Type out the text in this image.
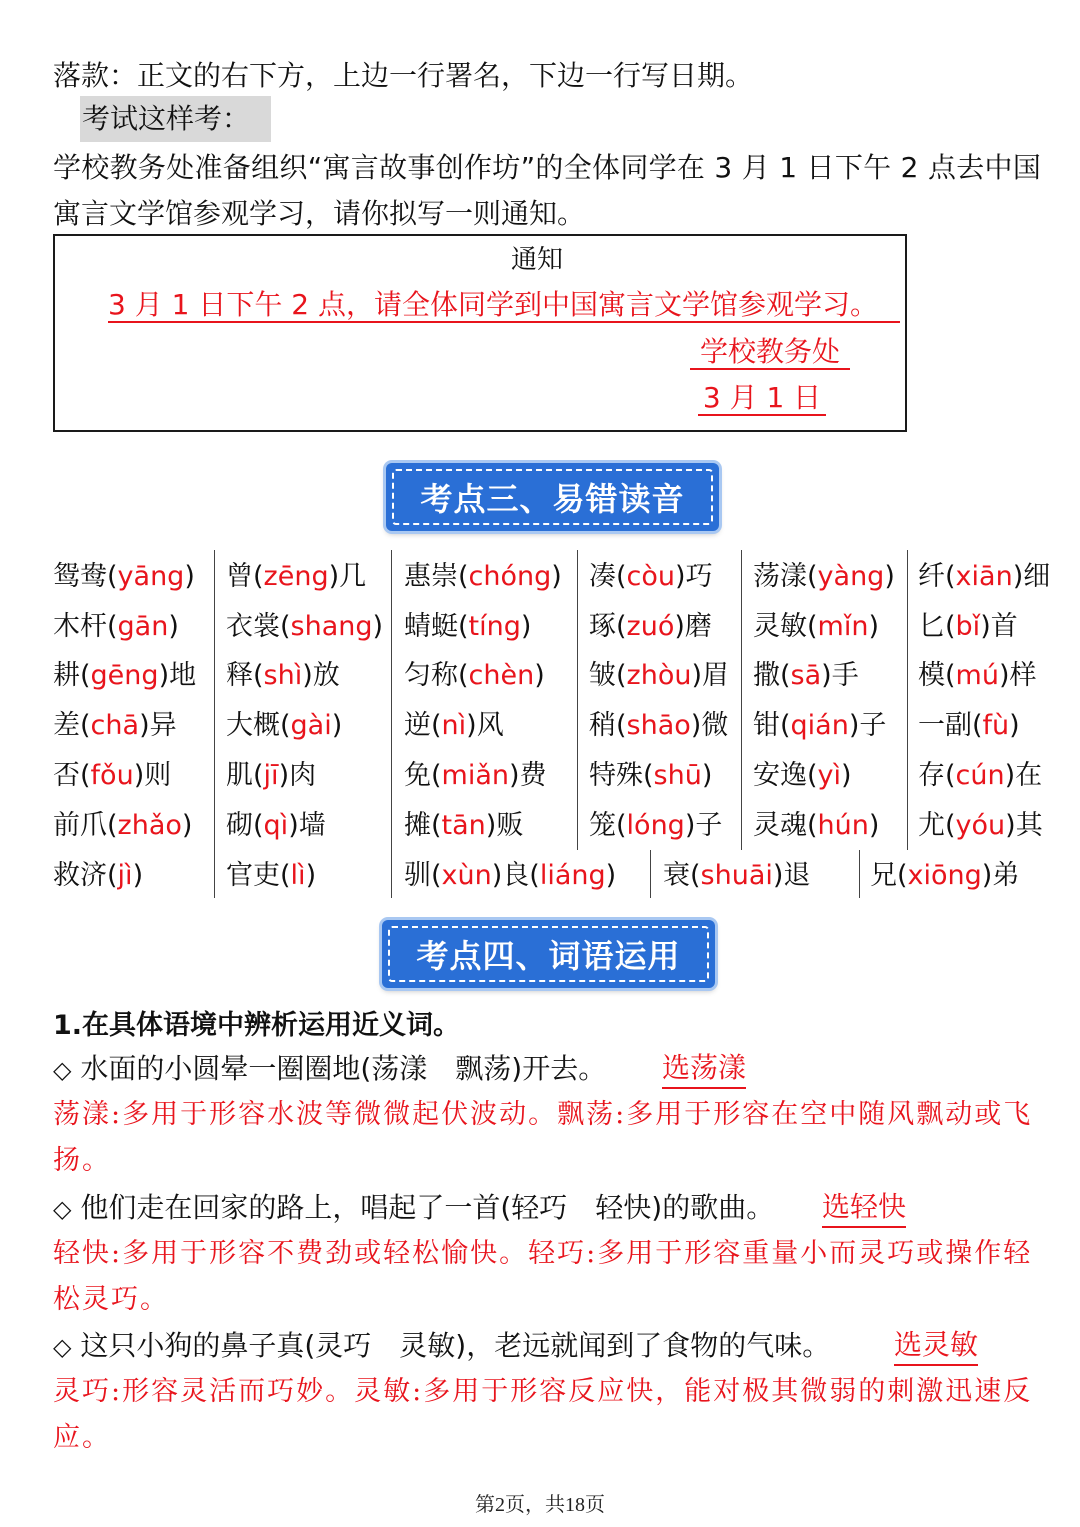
落款：正文的右下方，上边一行署名，下边一行写日期。
考试这样考：
学校教务处准备组织“寓言故事创作坊”的全体同学在 3 月 1 日下午 2 点去中国
寓言文学馆参观学习，请你拟写一则通知。
通知
3 月 1 日下午 2 点，请全体同学到中国寓言文学馆参观学习。
学校教务处
3 月 1 日
考点三、易错读音
鸳鸯(yāng) 曾(zēng)几 惠崇(chóng) 凑(còu)巧 荡漾(yàng) 纤(xiān)细
木杆(gān) 衣裳(shang) 蜻蜓(tíng) 琢(zuó)磨 灵敏(mǐn) 匕(bǐ)首
耕(gēng)地 释(shì)放 匀称(chèn) 皱(zhòu)眉 撒(sā)手 模(mú)样
差(chā)异 大概(gài) 逆(nì)风	稍(shāo)微 钳(qián)子 一副(fù)
否(fǒu)则 肌(jī)肉	免(miǎn)费 特殊(shū) 安逸(yì) 存(cún)在
前爪(zhǎo) 砌(qì)墙	摊(tān)贩 笼(lóng)子 灵魂(hún) 尤(yóu)其
救济(jì)	官吏(lì)	驯(xùn)良(liáng) 衰(shuāi)退 兄(xiōng)弟
考点四、词语运用
1.在具体语境中辨析运用近义词。
◇ 水面的小圆晕一圈圈地(荡漾　飘荡)开去。 选荡漾
荡漾:多用于形容水波等微微起伏波动。飘荡:多用于形容在空中随风飘动或飞
扬。
◇ 他们走在回家的路上，唱起了一首(轻巧　轻快)的歌曲。 选轻快
轻快:多用于形容不费劲或轻松愉快。轻巧:多用于形容重量小而灵巧或操作轻
松灵巧。
◇ 这只小狗的鼻子真(灵巧　灵敏)，老远就闻到了食物的气味。 选灵敏
灵巧:形容灵活而巧妙。灵敏:多用于形容反应快，能对极其微弱的刺激迅速反
应。
第2页，共18页
